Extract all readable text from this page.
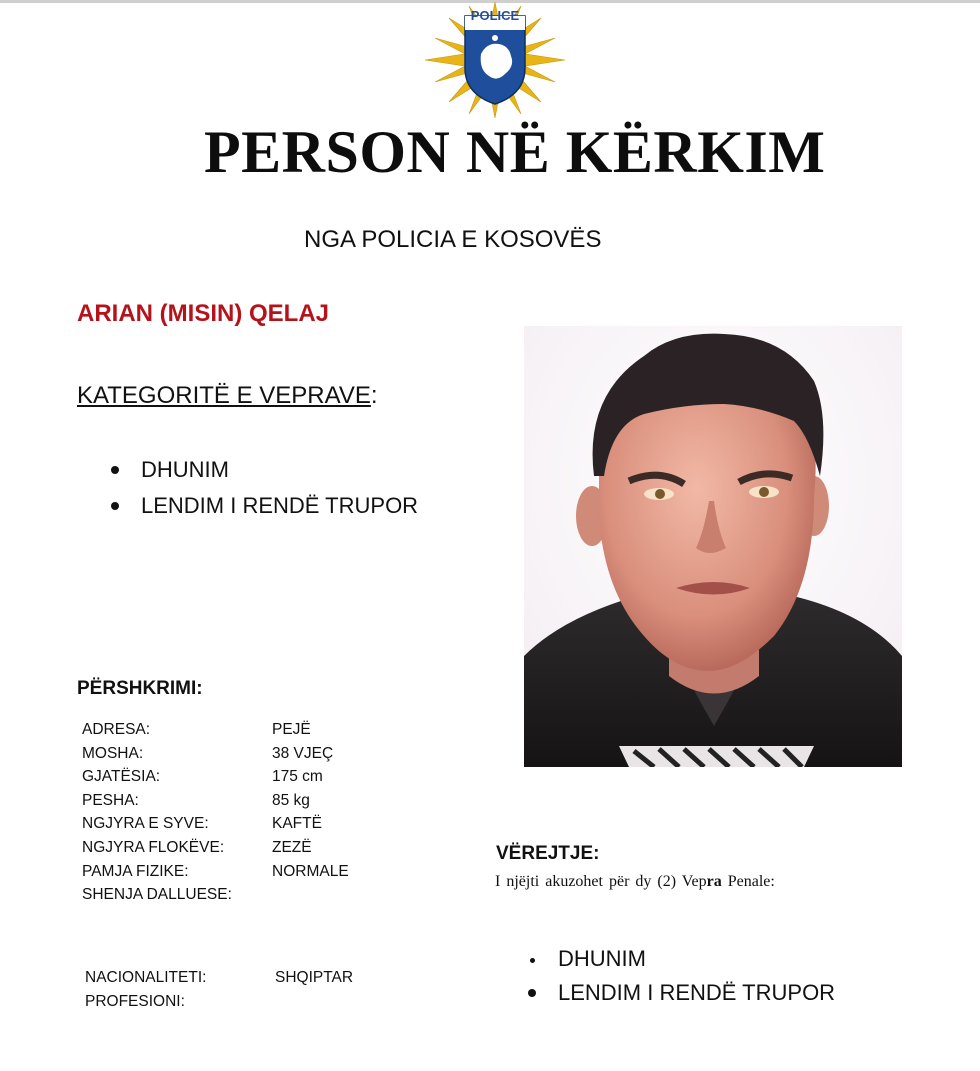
POLICE
PERSON NË KËRKIM
NGA POLICIA E KOSOVËS
ARIAN (MISIN) QELAJ
KATEGORITË E VEPRAVE:
DHUNIM
LENDIM I RENDË TRUPOR
PËRSHKRIMI:
ADRESA:	PEJË
MOSHA:	38 VJEÇ
GJATËSIA:	175 cm
PESHA:	85 kg
NGJYRA E SYVE:	KAFTË
NGJYRA FLOKËVE:	ZEZË
PAMJA FIZIKE:	NORMALE
SHENJA DALLUESE:
NACIONALITETI:	SHQIPTAR
PROFESIONI:
VËREJTJE:
I njëjti akuzohet për dy (2) Vepra Penale:
DHUNIM
LENDIM I RENDË TRUPOR
